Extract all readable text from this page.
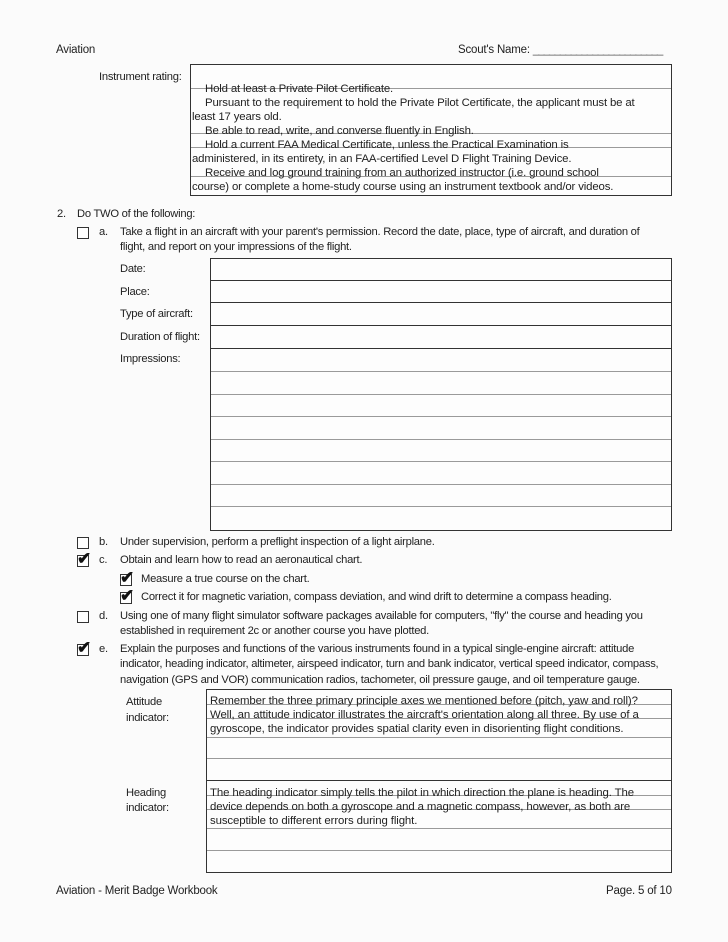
Aviation	Scout's Name: ________________________
Instrument rating:
Hold at least a Private Pilot Certificate.
Pursuant to the requirement to hold the Private Pilot Certificate, the applicant must be at
least 17 years old.
Be able to read, write, and converse fluently in English.
Hold a current FAA Medical Certificate, unless the Practical Examination is
administered, in its entirety, in an FAA-certified Level D Flight Training Device.
Receive and log ground training from an authorized instructor (i.e. ground school
course) or complete a home-study course using an instrument textbook and/or videos.
2. Do TWO of the following:
a. Take a flight in an aircraft with your parent's permission. Record the date, place, type of aircraft, and duration of
flight, and report on your impressions of the flight.
Date:
Place:
Type of aircraft:
Duration of flight:
Impressions:
b. Under supervision, perform a preflight inspection of a light airplane.
✔ c. Obtain and learn how to read an aeronautical chart.
✔ Measure a true course on the chart.
✔ Correct it for magnetic variation, compass deviation, and wind drift to determine a compass heading.
d. Using one of many flight simulator software packages available for computers, "fly" the course and heading you
established in requirement 2c or another course you have plotted.
✔ e. Explain the purposes and functions of the various instruments found in a typical single-engine aircraft: attitude
indicator, heading indicator, altimeter, airspeed indicator, turn and bank indicator, vertical speed indicator, compass,
navigation (GPS and VOR) communication radios, tachometer, oil pressure gauge, and oil temperature gauge.
Attitude
indicator:
Remember the three primary principle axes we mentioned before (pitch, yaw and roll)?
Well, an attitude indicator illustrates the aircraft's orientation along all three. By use of a
gyroscope, the indicator provides spatial clarity even in disorienting flight conditions.
Heading
indicator:
The heading indicator simply tells the pilot in which direction the plane is heading. The
device depends on both a gyroscope and a magnetic compass, however, as both are
susceptible to different errors during flight.
Aviation - Merit Badge Workbook	Page. 5 of 10
